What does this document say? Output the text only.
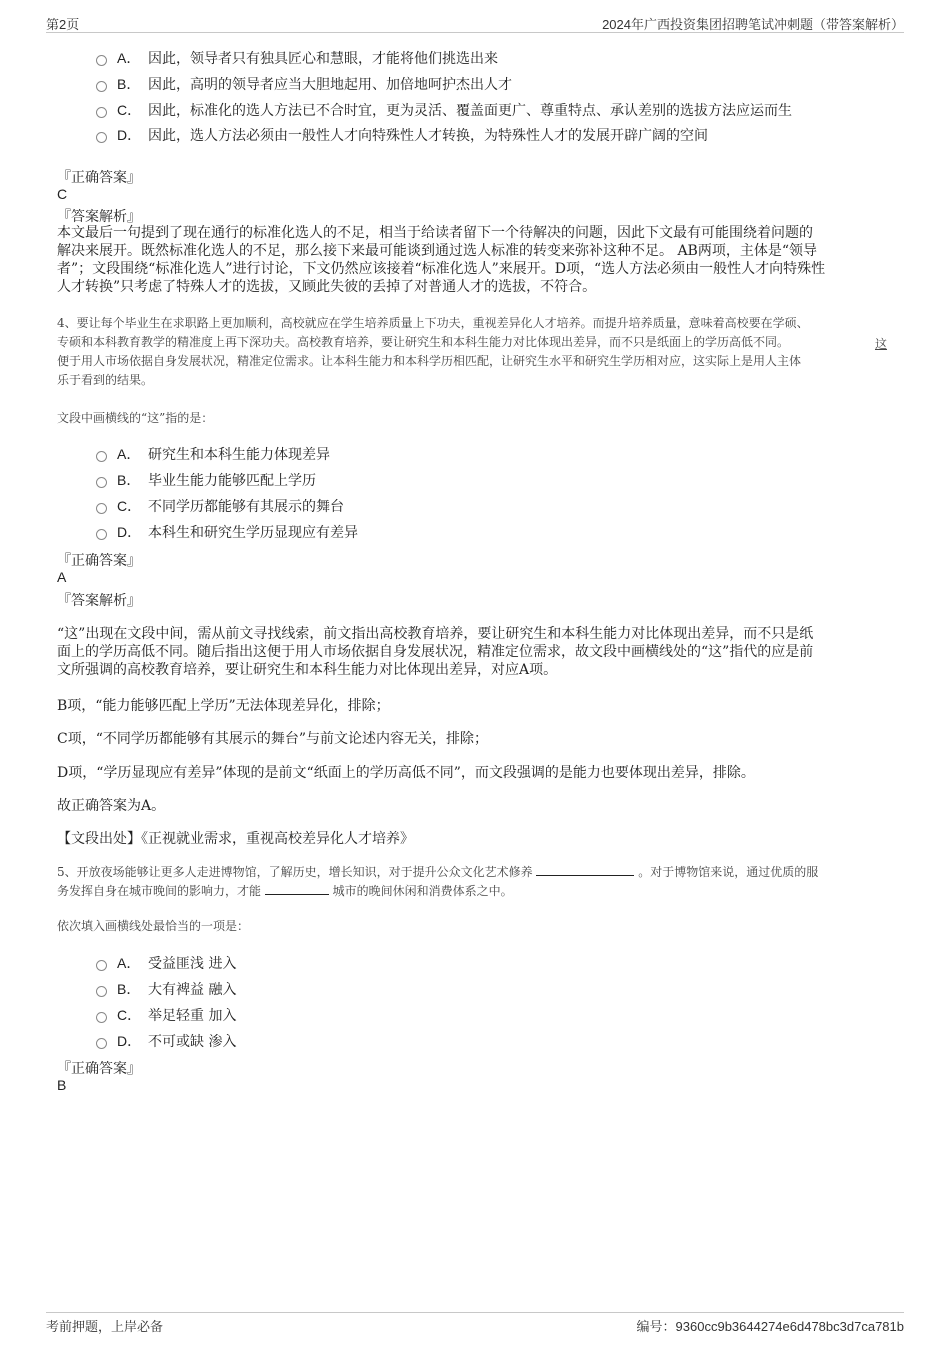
第2页	2024年广西投资集团招聘笔试冲刺题（带答案解析）
A． 因此，领导者只有独具匠心和慧眼，才能将他们挑选出来
B． 因此，高明的领导者应当大胆地起用、加倍地呵护杰出人才
C． 因此，标准化的选人方法已不合时宜，更为灵活、覆盖面更广、尊重特点、承认差别的选拔方法应运而生
D． 因此，选人方法必须由一般性人才向特殊性人才转换，为特殊性人才的发展开辟广阔的空间
『正确答案』
C
『答案解析』
本文最后一句提到了现在通行的标准化选人的不足，相当于给读者留下一个待解决的问题，因此下文最有可能围绕着问题的
解决来展开。既然标准化选人的不足，那么接下来最可能谈到通过选人标准的转变来弥补这种不足。 AB两项，主体是“领导
者”；文段围绕“标准化选人”进行讨论，下文仍然应该接着“标准化选人”来展开。D项，“选人方法必须由一般性人才向特殊性
人才转换”只考虑了特殊人才的选拔，又顾此失彼的丢掉了对普通人才的选拔，不符合。
4、要让每个毕业生在求职路上更加顺利，高校就应在学生培养质量上下功夫，重视差异化人才培养。而提升培养质量，意味着高校要在学硕、
专硕和本科教育教学的精准度上再下深功夫。高校教育培养，要让研究生和本科生能力对比体现出差异，而不只是纸面上的学历高低不同。
便于用人市场依据自身发展状况，精准定位需求。让本科生能力和本科学历相匹配，让研究生水平和研究生学历相对应，这实际上是用人主体
乐于看到的结果。
这
文段中画横线的“这”指的是：
A． 研究生和本科生能力体现差异
B． 毕业生能力能够匹配上学历
C． 不同学历都能够有其展示的舞台
D． 本科生和研究生学历显现应有差异
『正确答案』
A
『答案解析』
“这”出现在文段中间，需从前文寻找线索，前文指出高校教育培养，要让研究生和本科生能力对比体现出差异，而不只是纸
面上的学历高低不同。随后指出这便于用人市场依据自身发展状况，精准定位需求，故文段中画横线处的“这”指代的应是前
文所强调的高校教育培养，要让研究生和本科生能力对比体现出差异，对应A项。
B项，“能力能够匹配上学历”无法体现差异化，排除；
C项，“不同学历都能够有其展示的舞台”与前文论述内容无关，排除；
D项，“学历显现应有差异”体现的是前文“纸面上的学历高低不同”，而文段强调的是能力也要体现出差异，排除。
故正确答案为A。
【文段出处】《正视就业需求，重视高校差异化人才培养》
5、开放夜场能够让更多人走进博物馆，了解历史，增长知识，对于提升公众文化艺术修养	。对于博物馆来说，通过优质的服
务发挥自身在城市晚间的影响力，才能	城市的晚间休闲和消费体系之中。
依次填入画横线处最恰当的一项是：
A． 受益匪浅 进入
B． 大有裨益 融入
C． 举足轻重 加入
D． 不可或缺 渗入
『正确答案』
B
考前押题，上岸必备	编号：9360cc9b3644274e6d478bc3d7ca781b
